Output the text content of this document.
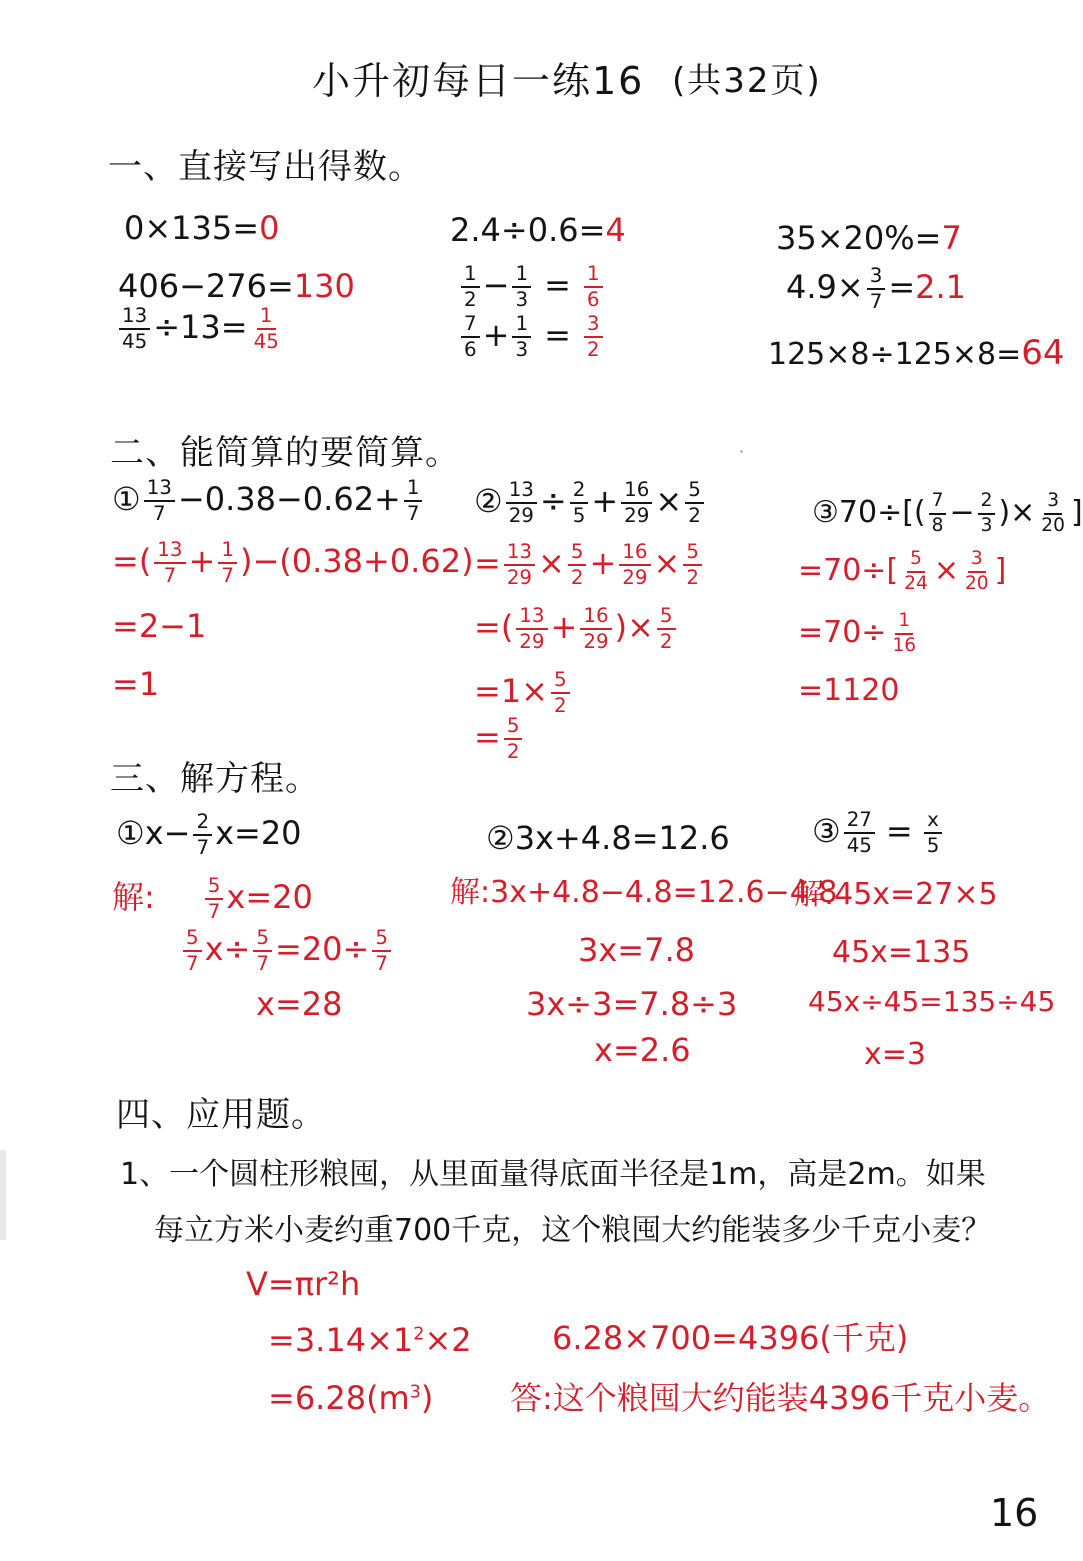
小升初每日一练16 (共32页)
一、直接写出得数。
0×135=0
406−276=130
$\frac{13}{45} \div 13= \frac{1}{45}$
2.4÷0.6=4
$\frac{1}{2} - \frac{1}{3} = \frac{1}{6}$
$\frac{7}{6} + \frac{1}{3} = \frac{3}{2}$
35×20%=7
$4.9\times \frac{3}{7} =2.1$
125×8÷125×8=64
二、能简算的要简算。
① $\frac{13}{7} -0.38-0.62+ \frac{1}{7}$
=( $\frac{13}{7} + \frac{1}{7} )-(0.38+0.62)$
=2−1
=1
② $\frac{13}{29} \div \frac{2}{5} + \frac{16}{29} \times \frac{5}{2}$
= $\frac{13}{29} \times \frac{5}{2} + \frac{16}{29} \times \frac{5}{2}$
=( $\frac{13}{29} + \frac{16}{29}$ )× $\frac{5}{2}$
$=1\times \frac{5}{2}$
= $\frac{5}{2}$
③70÷[( $\frac{7}{8} - \frac{2}{3}$ )× $\frac{3}{20}$ ]
$=70\div[ \frac{5}{24} \times \frac{3}{20}$ ]
$=70\div \frac{1}{16}$
=1120
三、解方程。
①x− $\frac{2}{7} x=20$
解:	$\frac{5}{7} x=20$
$\frac{5}{7} x\div \frac{5}{7} =20\div \frac{5}{7}$
x=28
②3x+4.8=12.6
解:3x+4.8−4.8=12.6−4.8
3x=7.8
3x÷3=7.8÷3
x=2.6
③ $\frac{27}{45} = \frac{x}{5}$
解:45x=27×5
45x=135
45x÷45=135÷45
x=3
四、应用题。
1、一个圆柱形粮囤，从里面量得底面半径是1m，高是2m。如果
每立方米小麦约重700千克，这个粮囤大约能装多少千克小麦？
V=πr²h
$=3.14\times 1^2\times 2$
$=6.28(m^3)$
6.28×700=4396(千克)
答:这个粮囤大约能装4396千克小麦。
16
